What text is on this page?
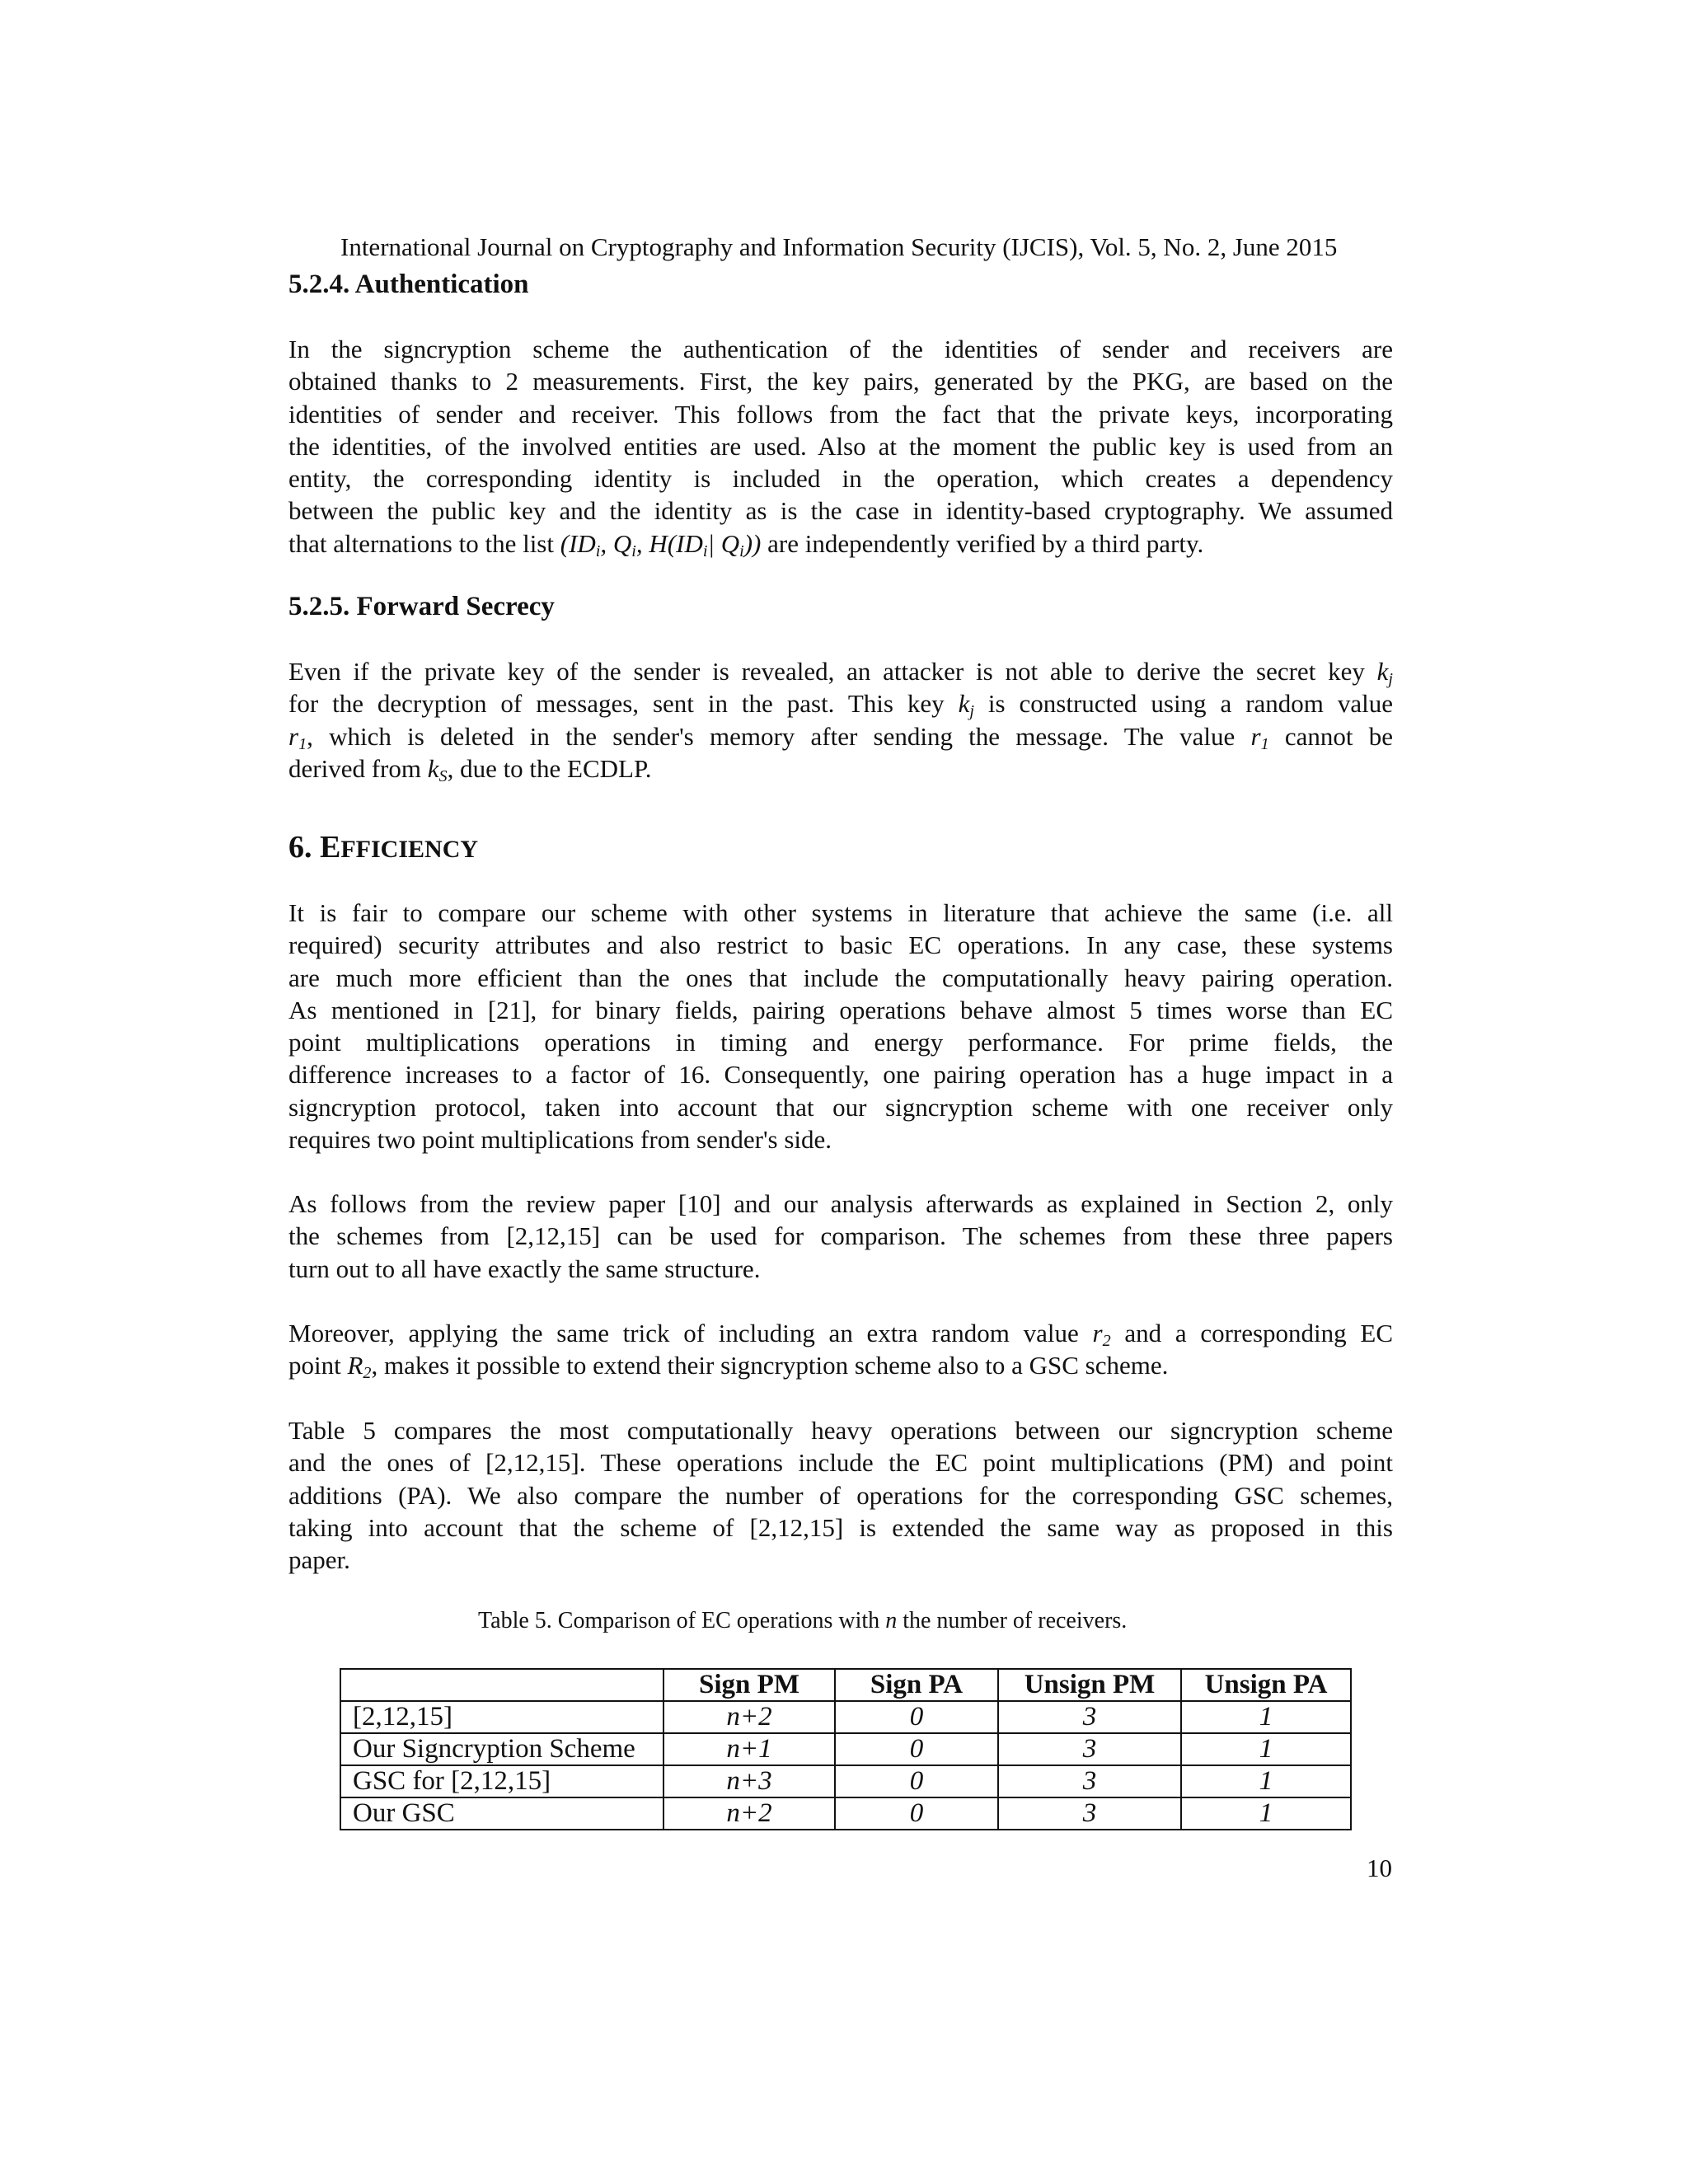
International Journal on Cryptography and Information Security (IJCIS), Vol. 5, No. 2, June 2015
5.2.4. Authentication

In the signcryption scheme the authentication of the identities of sender and receivers are
obtained thanks to 2 measurements. First, the key pairs, generated by the PKG, are based on the
identities of sender and receiver. This follows from the fact that the private keys, incorporating
the identities, of the involved entities are used. Also at the moment the public key is used from an
entity, the corresponding identity is included in the operation, which creates a dependency
between the public key and the identity as is the case in identity-based cryptography. We assumed
that alternations to the list ($ID_i$, $Q_i$, $H(ID_i|$ $Q_i$)) are independently verified by a third party.

5.2.5. Forward Secrecy

Even if the private key of the sender is revealed, an attacker is not able to derive the secret key $k_j$
for the decryption of messages, sent in the past. This key $k_j$ is constructed using a random value
$r_1$, which is deleted in the sender's memory after sending the message. The value $r_1$ cannot be
derived from $k_S$, due to the ECDLP.

6. EFFICIENCY

It is fair to compare our scheme with other systems in literature that achieve the same (i.e. all
required) security attributes and also restrict to basic EC operations. In any case, these systems
are much more efficient than the ones that include the computationally heavy pairing operation.
As mentioned in [21], for binary fields, pairing operations behave almost 5 times worse than EC
point multiplications operations in timing and energy performance. For prime fields, the
difference increases to a factor of 16. Consequently, one pairing operation has a huge impact in a
signcryption protocol, taken into account that our signcryption scheme with one receiver only
requires two point multiplications from sender's side.

As follows from the review paper [10] and our analysis afterwards as explained in Section 2, only
the schemes from [2,12,15] can be used for comparison. The schemes from these three papers
turn out to all have exactly the same structure.

Moreover, applying the same trick of including an extra random value $r_2$ and a corresponding EC
point $R_2$, makes it possible to extend their signcryption scheme also to a GSC scheme.

Table 5 compares the most computationally heavy operations between our signcryption scheme
and the ones of [2,12,15]. These operations include the EC point multiplications (PM) and point
additions (PA). We also compare the number of operations for the corresponding GSC schemes,
taking into account that the scheme of [2,12,15] is extended the same way as proposed in this
paper.

Table 5. Comparison of EC operations with n the number of receivers.
	Sign PM	Sign PA	Unsign PM	Unsign PA
[2,12,15]	n+2	0	3	1
Our Signcryption Scheme	n+1	0	3	1
GSC for [2,12,15]	n+3	0	3	1
Our GSC	n+2	0	3	1
10
